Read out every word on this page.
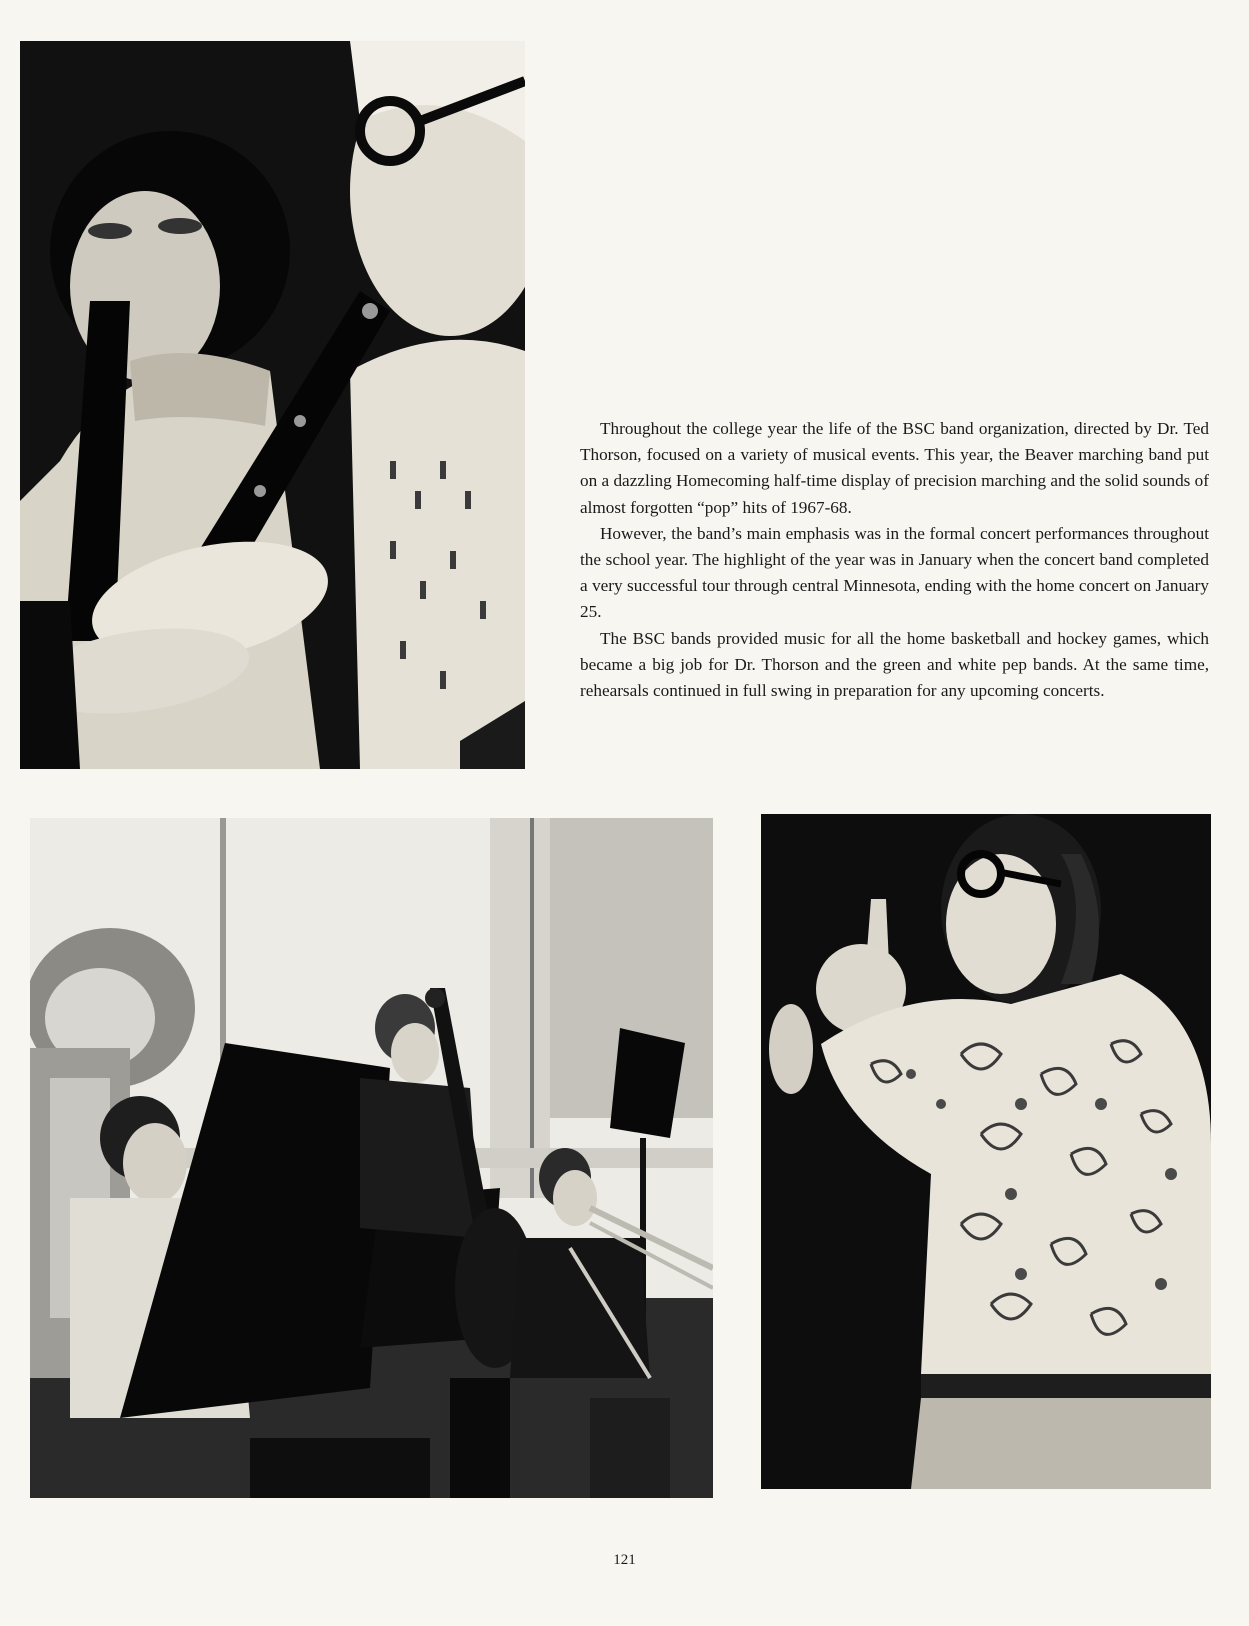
Throughout the college year the life of the BSC band organization, directed by Dr. Ted Thorson, focused on a variety of musical events. This year, the Beaver marching band put on a dazzling Homecoming half-time display of precision marching and the solid sounds of almost forgotten “pop” hits of 1967-68.

However, the band’s main emphasis was in the formal concert performances throughout the school year. The highlight of the year was in January when the concert band completed a very successful tour through central Minnesota, ending with the home concert on January 25.

The BSC bands provided music for all the home basketball and hockey games, which became a big job for Dr. Thorson and the green and white pep bands. At the same time, rehearsals continued in full swing in preparation for any upcoming concerts.

121
